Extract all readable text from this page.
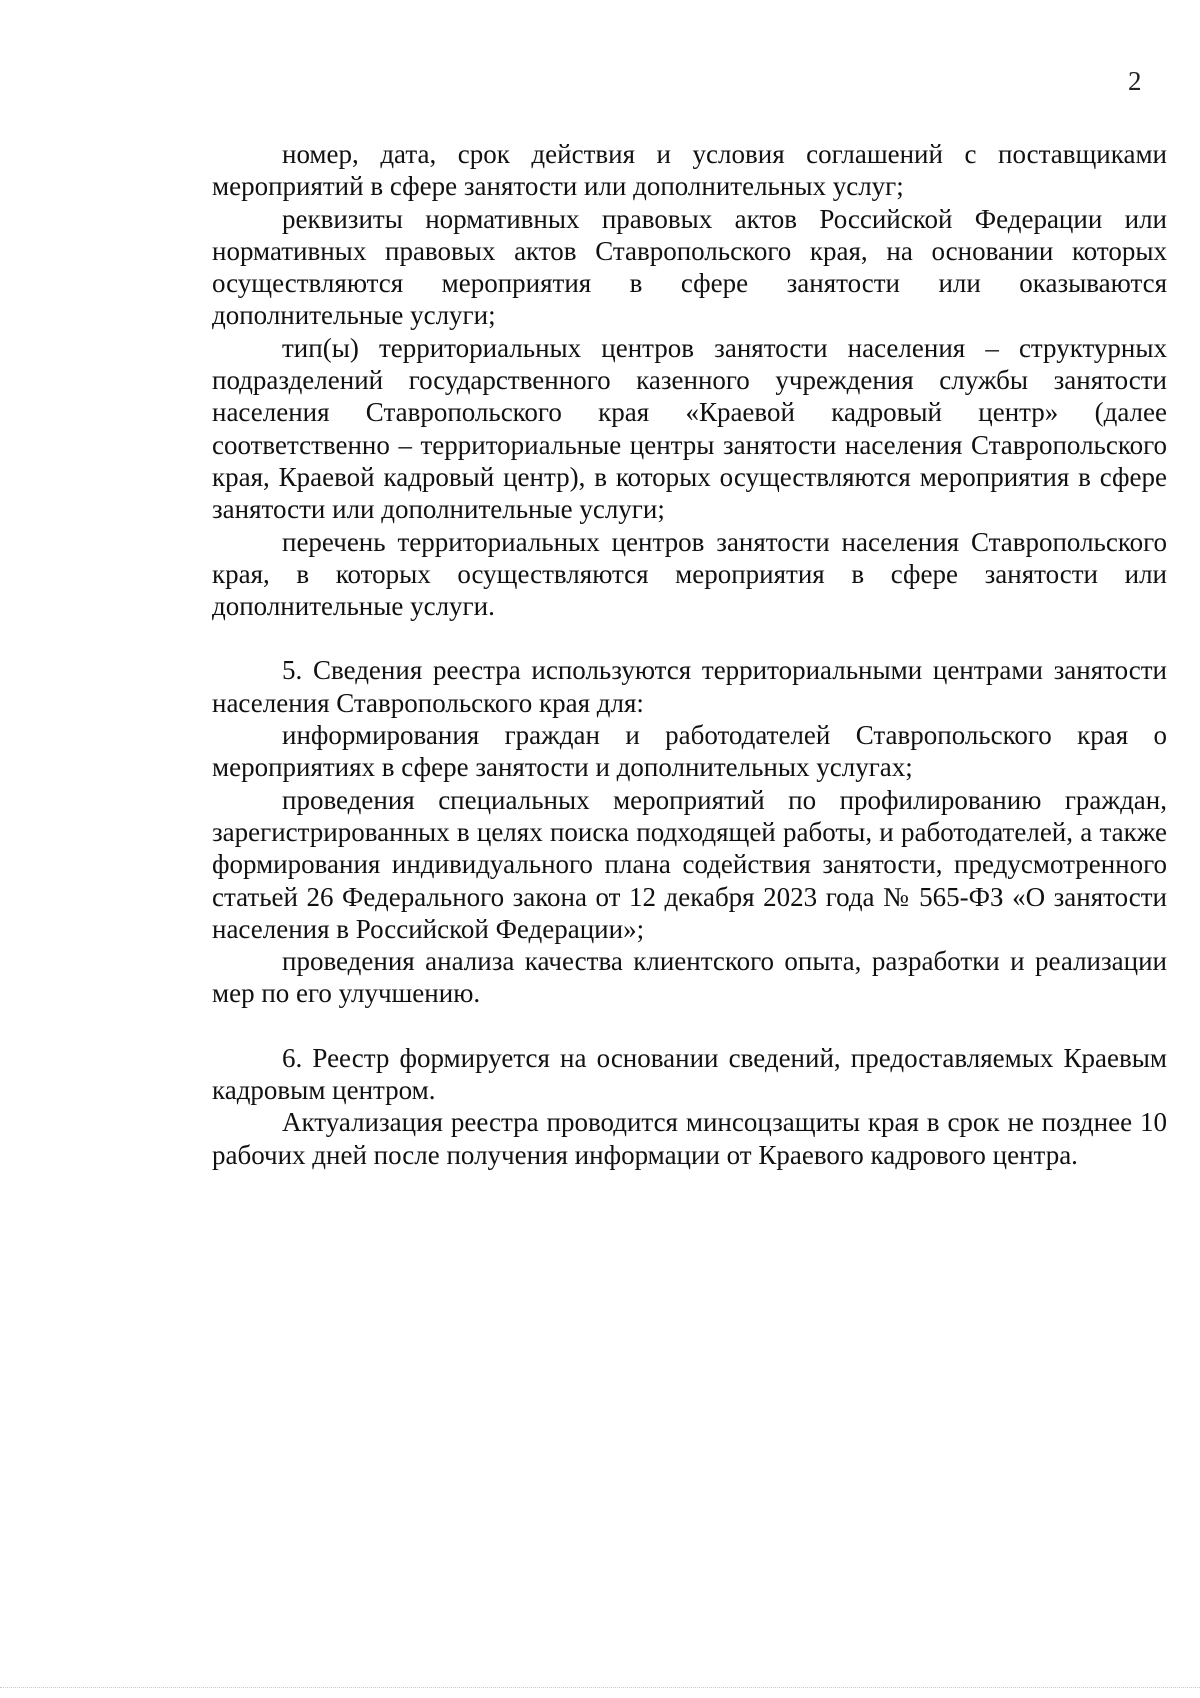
2

номер, дата, срок действия и условия соглашений с поставщиками мероприятий в сфере занятости или дополнительных услуг;

реквизиты нормативных правовых актов Российской Федерации или нормативных правовых актов Ставропольского края, на основании которых осуществляются мероприятия в сфере занятости или оказываются дополнительные услуги;

тип(ы) территориальных центров занятости населения – структурных подразделений государственного казенного учреждения службы занятости населения Ставропольского края «Краевой кадровый центр» (далее соответственно – территориальные центры занятости населения Ставропольского края, Краевой кадровый центр), в которых осуществляются мероприятия в сфере занятости или дополнительные услуги;

перечень территориальных центров занятости населения Ставропольского края, в которых осуществляются мероприятия в сфере занятости или дополнительные услуги.

5. Сведения реестра используются территориальными центрами занятости населения Ставропольского края для:

информирования граждан и работодателей Ставропольского края о мероприятиях в сфере занятости и дополнительных услугах;

проведения специальных мероприятий по профилированию граждан, зарегистрированных в целях поиска подходящей работы, и работодателей, а также формирования индивидуального плана содействия занятости, предусмотренного статьей 26 Федерального закона от 12 декабря 2023 года № 565-ФЗ «О занятости населения в Российской Федерации»;

проведения анализа качества клиентского опыта, разработки и реализации мер по его улучшению.

6. Реестр формируется на основании сведений, предоставляемых Краевым кадровым центром.

Актуализация реестра проводится минсоцзащиты края в срок не позднее 10 рабочих дней после получения информации от Краевого кадрового центра.
